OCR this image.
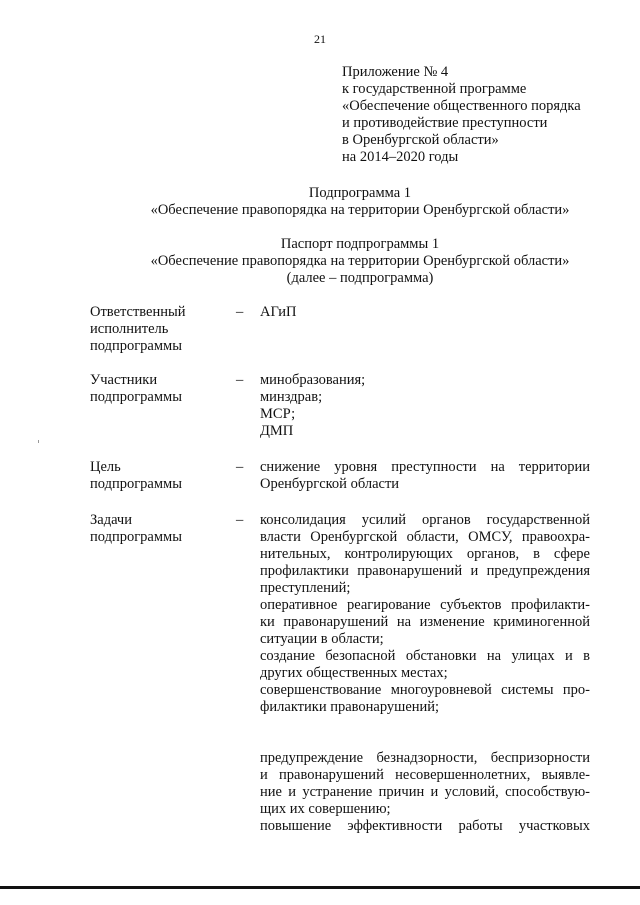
21
Приложение № 4
к государственной программе
«Обеспечение общественного порядка
и противодействие преступности
в Оренбургской области»
на 2014–2020 годы
Подпрограмма 1
«Обеспечение правопорядка на территории Оренбургской области»
Паспорт подпрограммы 1
«Обеспечение правопорядка на территории Оренбургской области»
(далее – подпрограмма)
Ответственный
исполнитель
подпрограммы
– АГиП
Участники
подпрограммы
– минобразования;
минздрав;
МСР;
ДМП
Цель
подпрограммы
– снижение уровня преступности на территории
Оренбургской области
Задачи
подпрограммы
– консолидация усилий органов государственной
власти Оренбургской области, ОМСУ, правоохра-
нительных, контролирующих органов, в сфере
профилактики правонарушений и предупреждения
преступлений;
оперативное реагирование субъектов профилакти-
ки правонарушений на изменение криминогенной
ситуации в области;
создание безопасной обстановки на улицах и в
других общественных местах;
совершенствование многоуровневой системы про-
филактики правонарушений;
предупреждение безнадзорности, беспризорности
и правонарушений несовершеннолетних, выявле-
ние и устранение причин и условий, способствую-
щих их совершению;
повышение эффективности работы участковых
